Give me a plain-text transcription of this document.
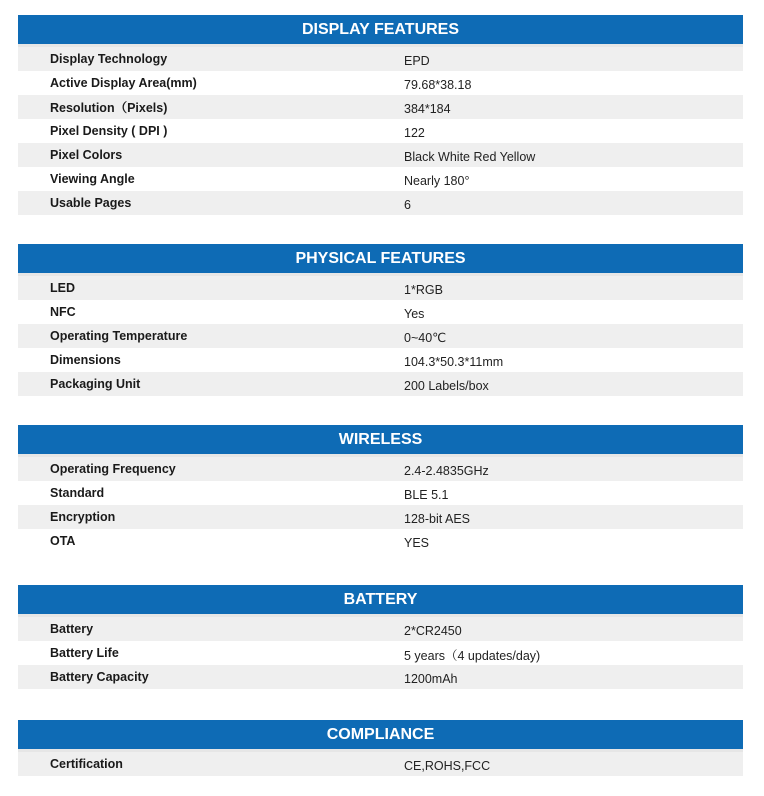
DISPLAY FEATURES
Display Technology	EPD
Active Display Area(mm)	79.68*38.18
Resolution（Pixels)	384*184
Pixel Density ( DPI )	122
Pixel Colors	Black White Red Yellow
Viewing Angle	Nearly 180°
Usable Pages	6
PHYSICAL FEATURES
LED	1*RGB
NFC	Yes
Operating Temperature	0~40℃
Dimensions	104.3*50.3*11mm
Packaging Unit	200 Labels/box
WIRELESS
Operating Frequency	2.4-2.4835GHz
Standard	BLE 5.1
Encryption	128-bit AES
OTA	YES
BATTERY
Battery	2*CR2450
Battery Life	5 years（4 updates/day)
Battery Capacity	1200mAh
COMPLIANCE
Certification	CE,ROHS,FCC
